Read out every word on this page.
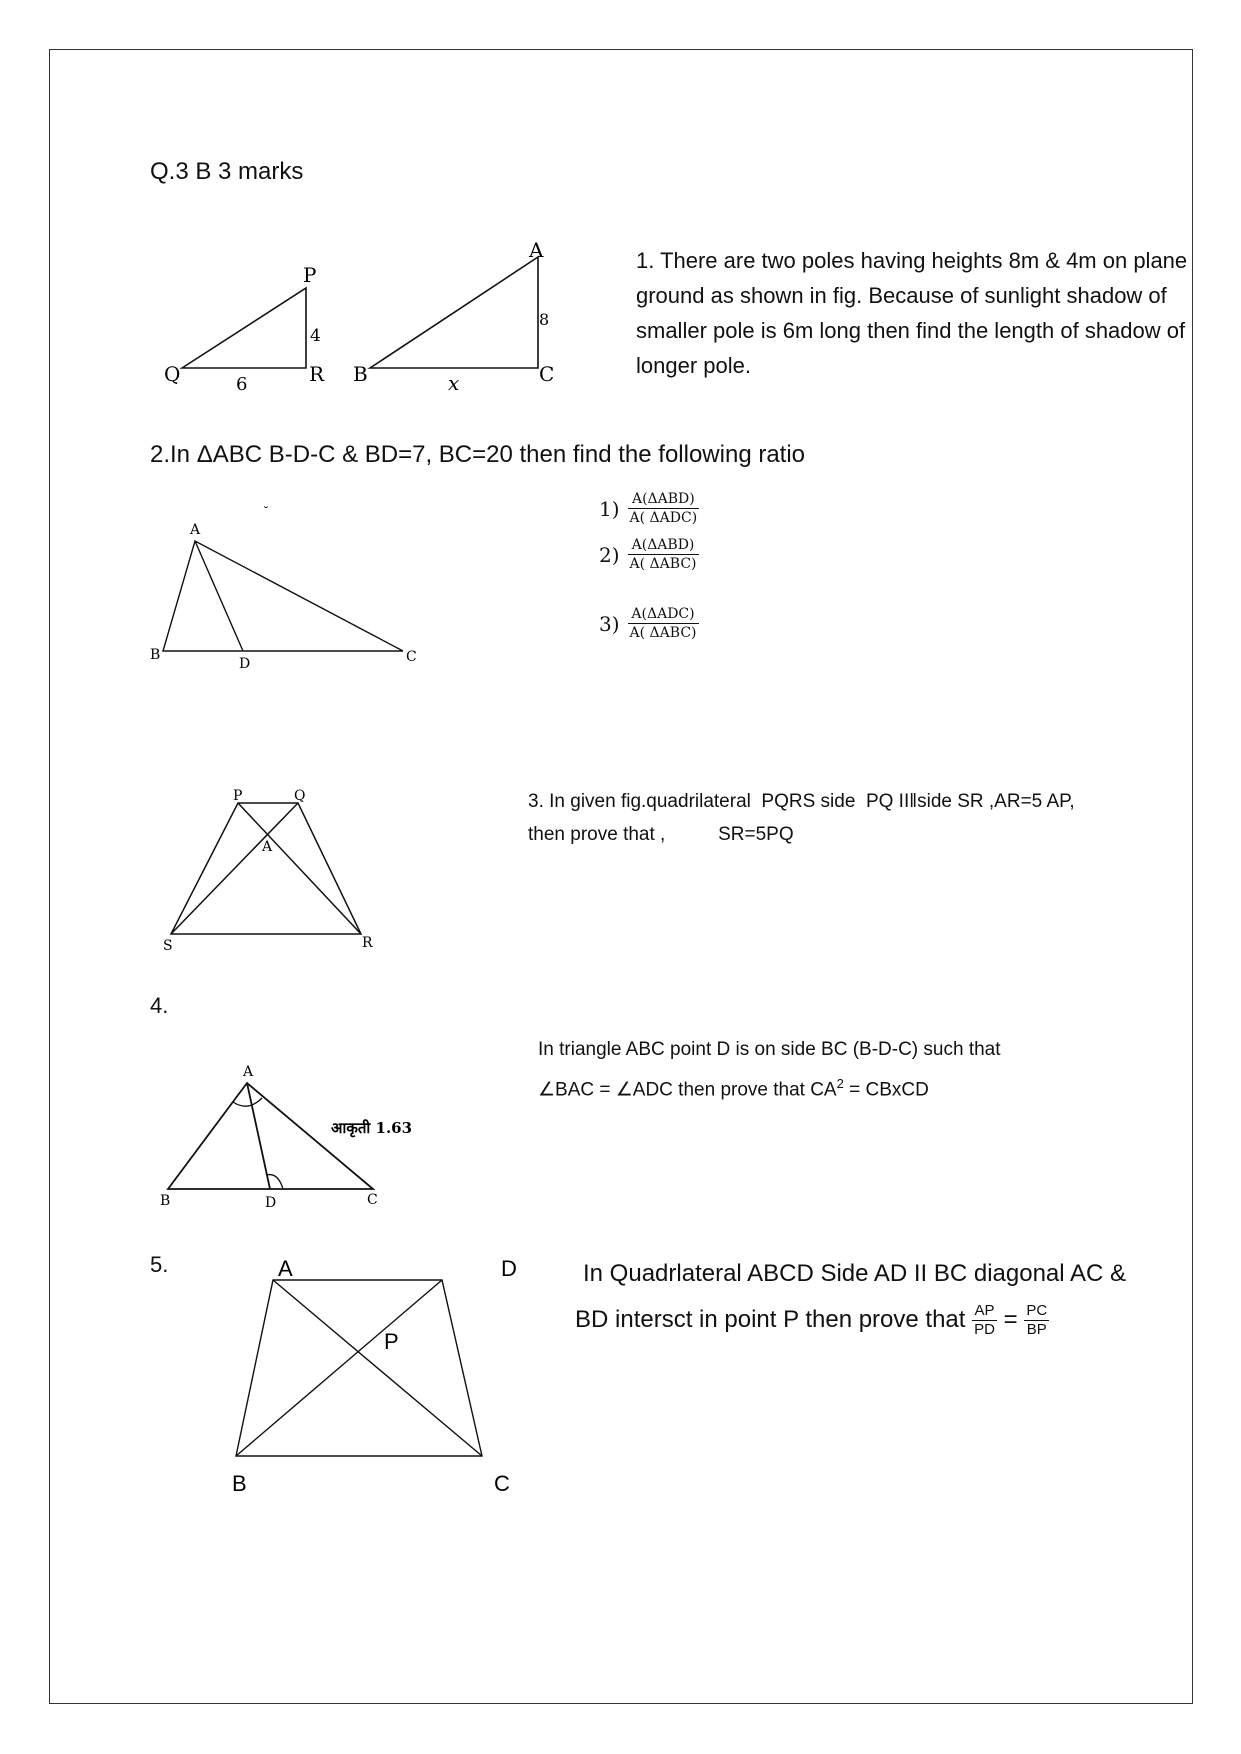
Q.3 B 3 marks
1. There are two poles having heights 8m & 4m on plane ground as shown in fig. Because of sunlight shadow of smaller pole is 6m long then find the length of shadow of longer pole.
2.In ΔABC B-D-C & BD=7, BC=20 then find the following ratio
$1) \frac{\text{A(ΔABD)}}{\text{A( ΔADC)}}$
$2) \frac{\text{A(ΔABD)}}{\text{A( ΔABC)}}$
$3) \frac{\text{A(ΔADC)}}{\text{A( ΔABC)}}$
3. In given fig.quadrilateral  PQRS side  PQ II‖side SR ,AR=5 AP,
then prove that ,          SR=5PQ
4.
In triangle ABC point D is on side BC (B-D-C) such that
∠BAC = ∠ADC then prove that $CA^2$ = CBxCD
5.	In Quadrlateral ABCD Side AD II BC diagonal AC &
BD intersct in point P then prove that $\frac{AP}{PD} = \frac{PC}{BP}$
P
Q	R
4
6
A
B	C
8
x
A
B
D	C
˘
P	Q
A
S	R
A
B	D	C
आकृती 1.63
A	D
P
B	C
